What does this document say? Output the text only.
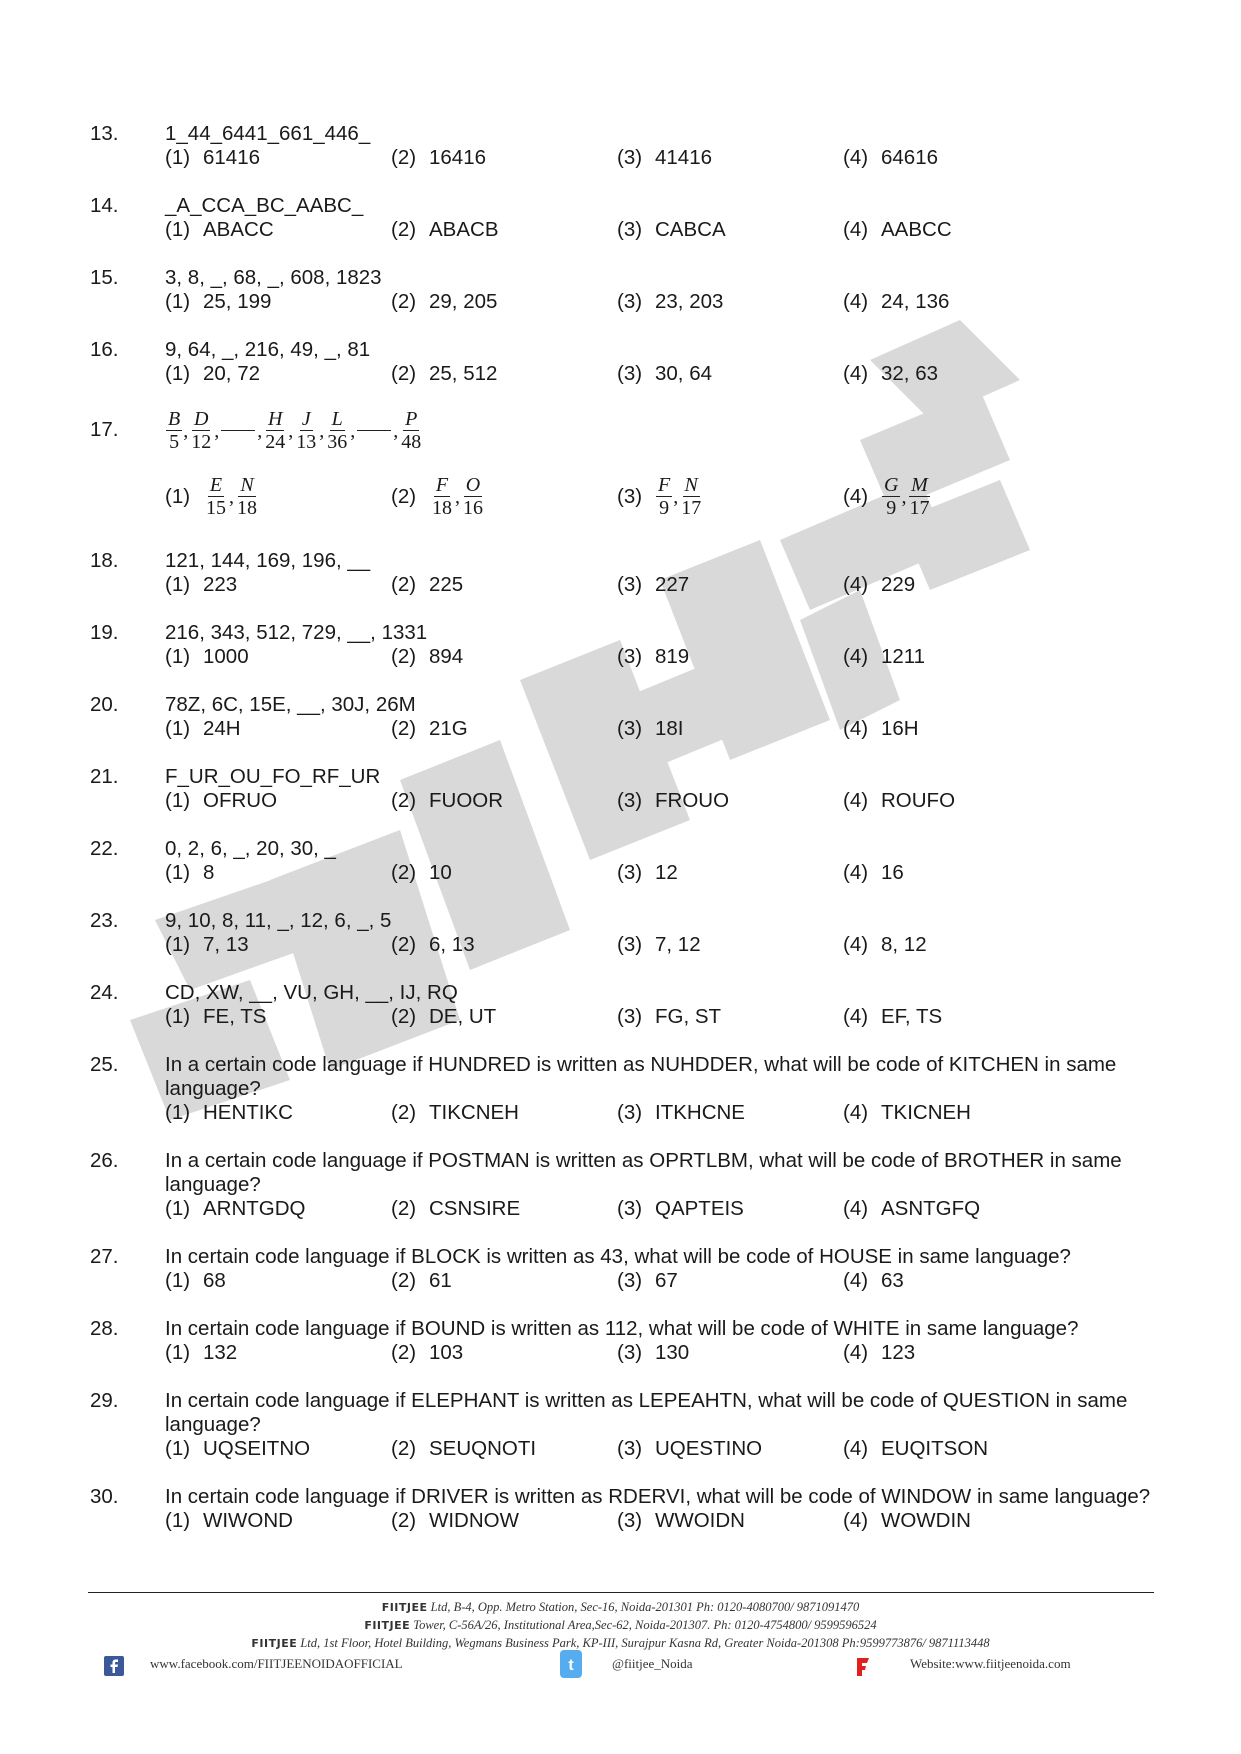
13. 1_44_6441_661_446_
(1) 61416	(2) 16416	(3) 41416	(4) 64616
14. _A_CCA_BC_AABC_
(1) ABACC	(2) ABACB	(3) CABCA	(4) AABCC
15. 3, 8, _, 68, _, 608, 1823
(1) 25, 199	(2) 29, 205	(3) 23, 203	(4) 24, 136
16. 9, 64, _, 216, 49, _, 81
(1) 20, 72	(2) 25, 512	(3) 30, 64	(4) 32, 63
17. $\frac{B}{5}$ , $\frac{D}{12}$ , , $\frac{H}{24}$ , $\frac{J}{13}$ , $\frac{L}{36}$ , , $\frac{P}{48}$
$(1) \frac{E}{15}$ , $\frac{N}{18}$	$(2) \frac{F}{18}$ , $\frac{O}{16}$	$(3) \frac{F}{9}$ , $\frac{N}{17}$	$(4) \frac{G}{9}$ , $\frac{M}{17}$
18. 121, 144, 169, 196, __
(1) 223	(2) 225	(3) 227	(4) 229
19. 216, 343, 512, 729, __, 1331
(1) 1000	(2) 894	(3) 819	(4) 1211
20. 78Z, 6C, 15E, __, 30J, 26M
(1) 24H	(2) 21G	(3) 18I	(4) 16H
21. F_UR_OU_FO_RF_UR
(1) OFRUO	(2) FUOOR	(3) FROUO	(4) ROUFO
22. 0, 2, 6, _, 20, 30, _
(1) 8	(2) 10	(3) 12	(4) 16
23. 9, 10, 8, 11, _, 12, 6, _, 5
(1) 7, 13	(2) 6, 13	(3) 7, 12	(4) 8, 12
24. CD, XW, __, VU, GH, __, IJ, RQ
(1) FE, TS	(2) DE, UT	(3) FG, ST	(4) EF, TS
25. In a certain code language if HUNDRED is written as NUHDDER, what will be code of KITCHEN in same language?
(1) HENTIKC	(2) TIKCNEH	(3) ITKHCNE	(4) TKICNEH
26. In a certain code language if POSTMAN is written as OPRTLBM, what will be code of BROTHER in same language?
(1) ARNTGDQ	(2) CSNSIRE	(3) QAPTEIS	(4) ASNTGFQ
27. In certain code language if BLOCK is written as 43, what will be code of HOUSE in same language?
(1) 68	(2) 61	(3) 67	(4) 63
28. In certain code language if BOUND is written as 112, what will be code of WHITE in same language?
(1) 132	(2) 103	(3) 130	(4) 123
29. In certain code language if ELEPHANT is written as LEPEAHTN, what will be code of QUESTION in same language?
(1) UQSEITNO	(2) SEUQNOTI	(3) UQESTINO	(4) EUQITSON
30. In certain code language if DRIVER is written as RDERVI, what will be code of WINDOW in same language?
(1) WIWOND	(2) WIDNOW	(3) WWOIDN	(4) WOWDIN
FIITJEE Ltd, B-4, Opp. Metro Station, Sec-16, Noida-201301 Ph: 0120-4080700/ 9871091470
FIITJEE Tower, C-56A/26, Institutional Area,Sec-62, Noida-201307. Ph: 0120-4754800/ 9599596524
FIITJEE Ltd, 1st Floor, Hotel Building, Wegmans Business Park, KP-III, Surajpur Kasna Rd, Greater Noida-201308 Ph:9599773876/ 9871113448
www.facebook.com/FIITJEENOIDAOFFICIAL	t	@fiitjee_Noida	Website:www.fiitjeenoida.com
